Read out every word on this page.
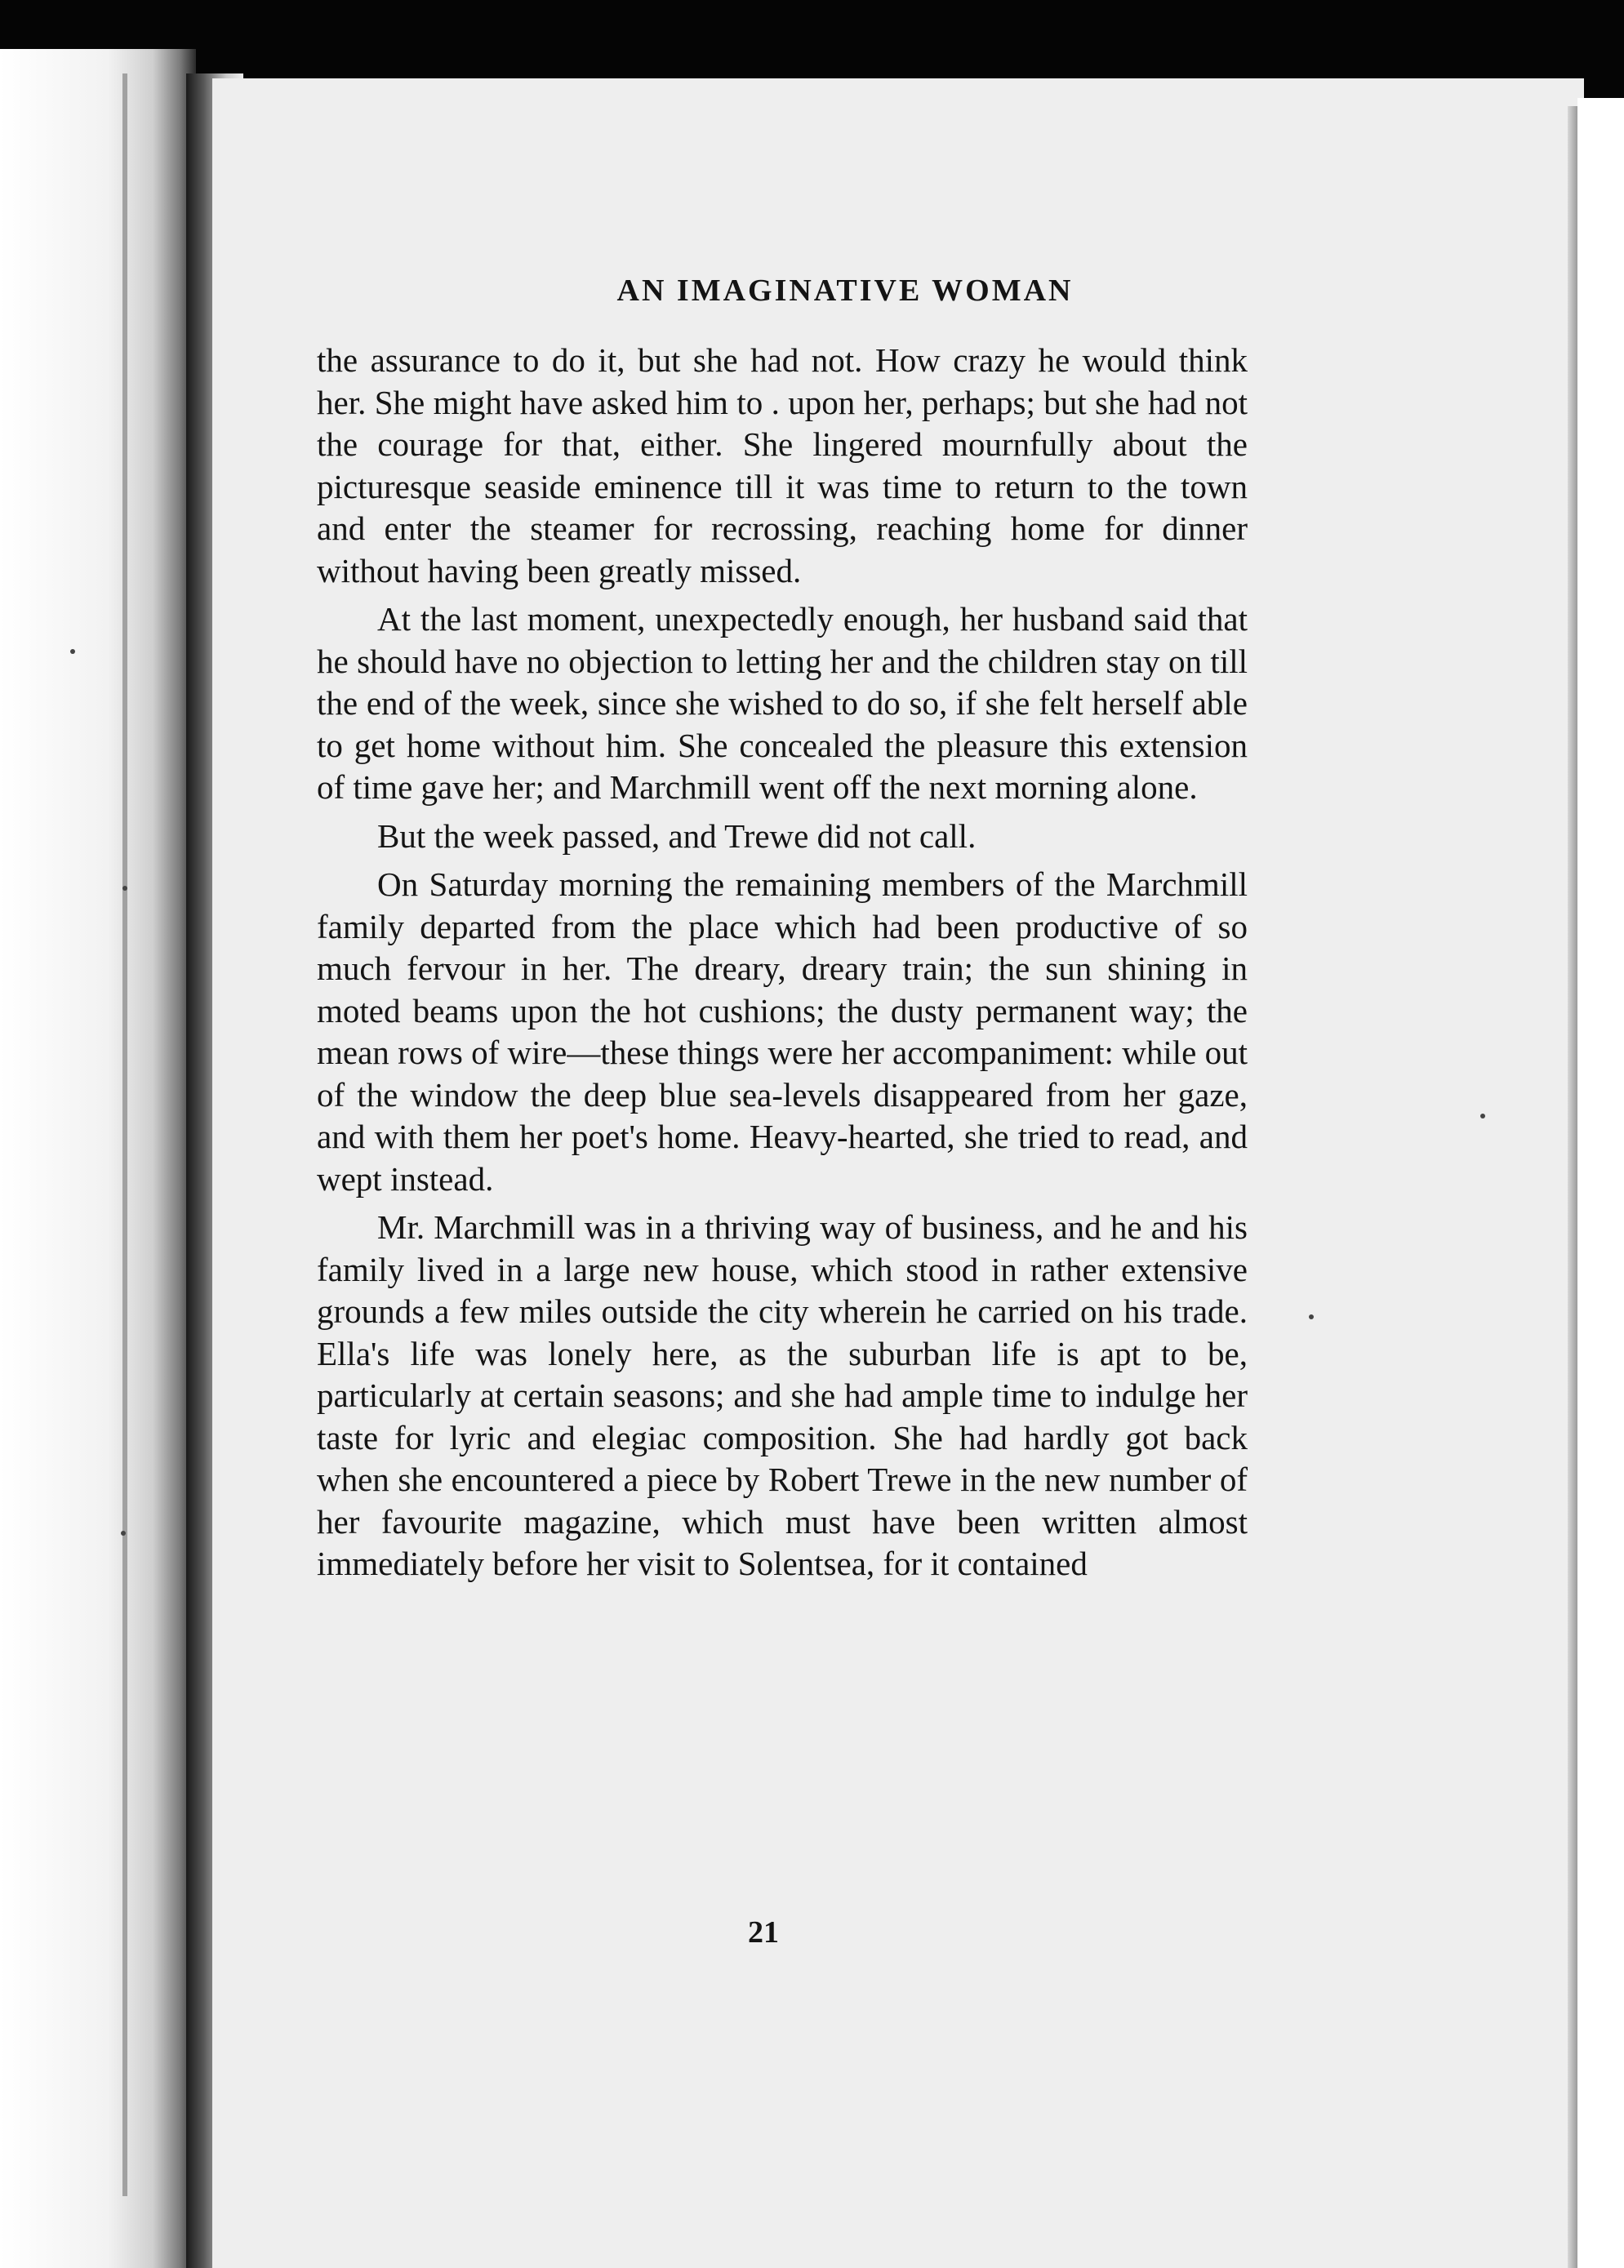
AN IMAGINATIVE WOMAN

the assurance to do it, but she had not. How crazy he would think her. She might have asked him to . upon her, perhaps; but she had not the courage for that, either. She lingered mournfully about the picturesque seaside eminence till it was time to return to the town and enter the steamer for recrossing, reaching home for dinner without having been greatly missed.

At the last moment, unexpectedly enough, her husband said that he should have no objection to letting her and the children stay on till the end of the week, since she wished to do so, if she felt herself able to get home without him. She concealed the pleasure this extension of time gave her; and Marchmill went off the next morning alone.

But the week passed, and Trewe did not call.

On Saturday morning the remaining members of the Marchmill family departed from the place which had been productive of so much fervour in her. The dreary, dreary train; the sun shining in moted beams upon the hot cushions; the dusty permanent way; the mean rows of wire—these things were her accompaniment: while out of the window the deep blue sea-levels disappeared from her gaze, and with them her poet's home. Heavy-hearted, she tried to read, and wept instead.

Mr. Marchmill was in a thriving way of business, and he and his family lived in a large new house, which stood in rather extensive grounds a few miles outside the city wherein he carried on his trade. Ella's life was lonely here, as the suburban life is apt to be, particularly at certain seasons; and she had ample time to indulge her taste for lyric and elegiac composition. She had hardly got back when she encountered a piece by Robert Trewe in the new number of her favourite magazine, which must have been written almost immediately before her visit to Solentsea, for it contained

21
